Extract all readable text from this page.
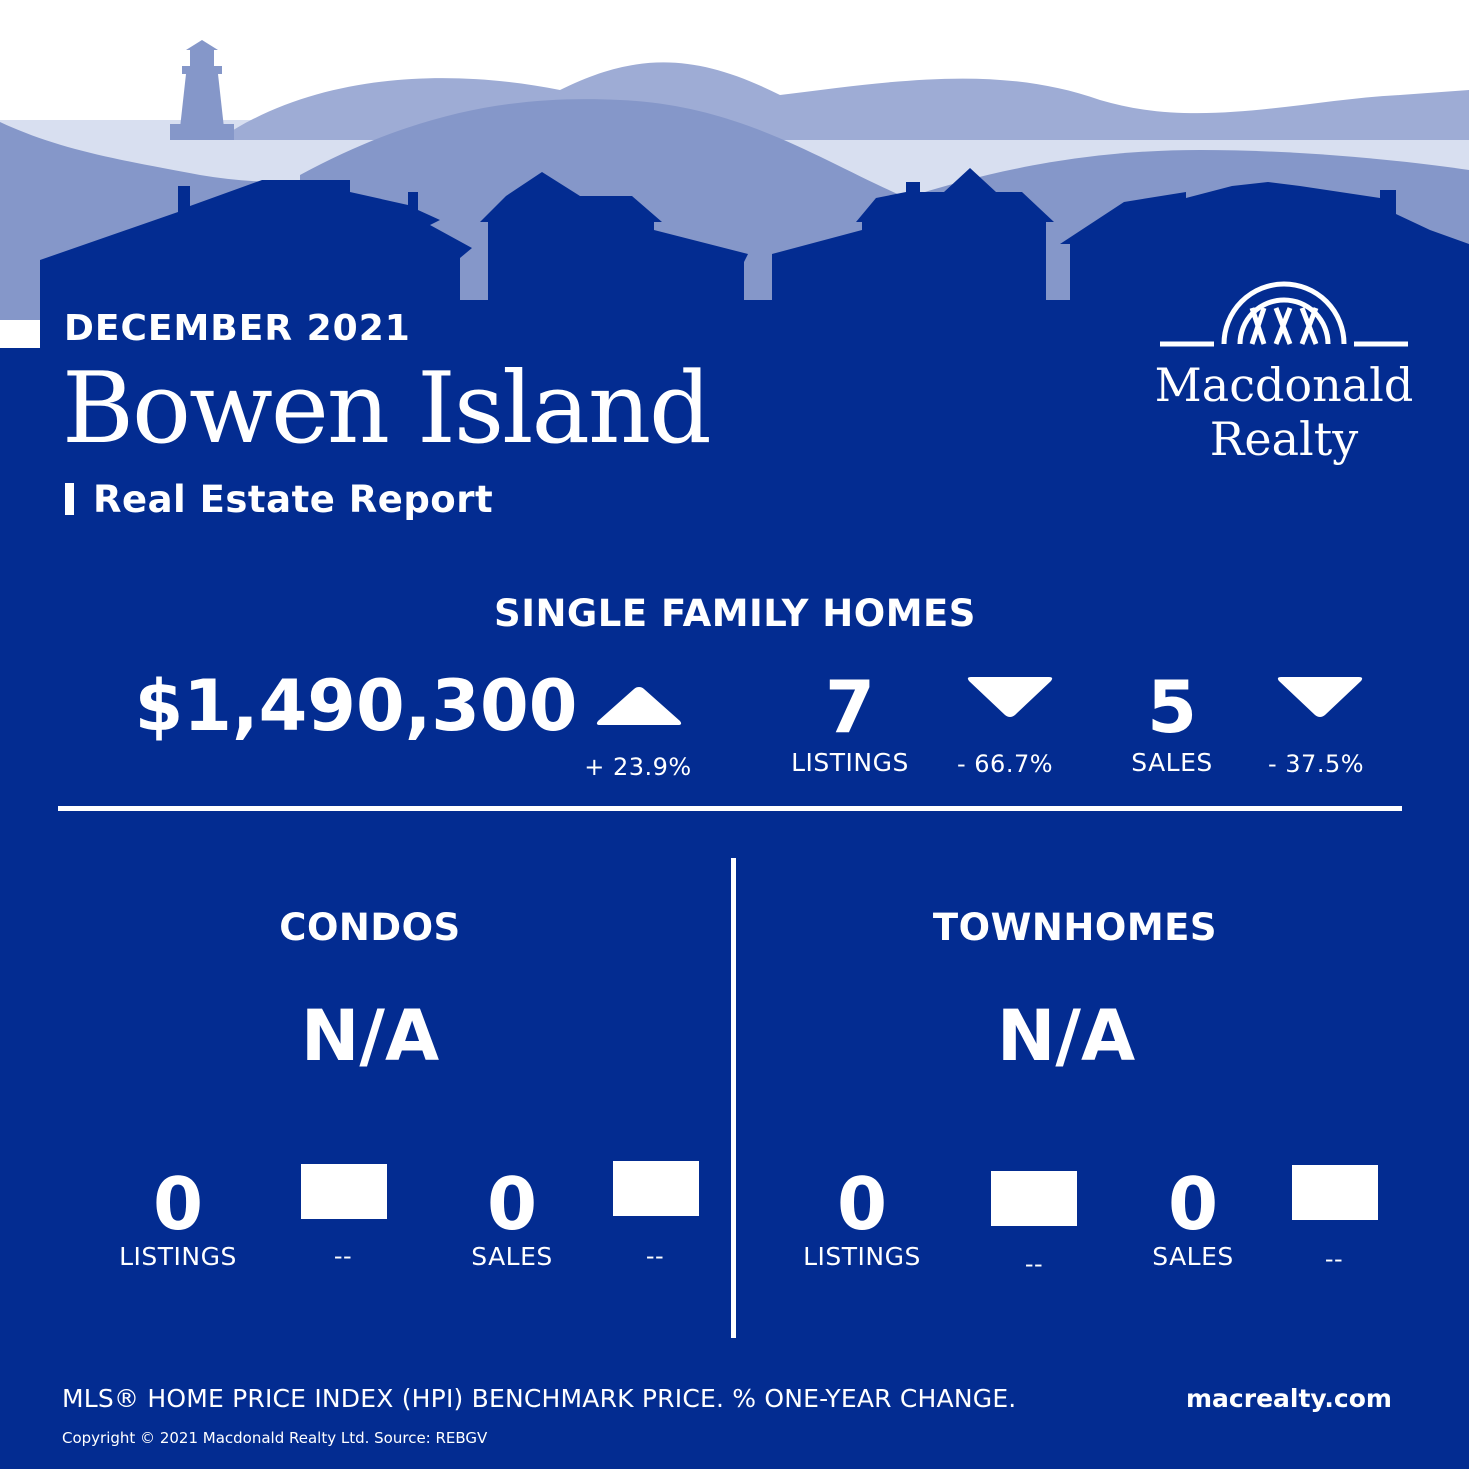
DECEMBER 2021
Bowen Island
Real Estate Report
Macdonald
Realty
SINGLE FAMILY HOMES
$1,490,300
+ 23.9%
7
LISTINGS - 66.7%
5
SALES - 37.5%
CONDOS
N/A
0
LISTINGS	--
0
SALES	--
TOWNHOMES
N/A
0
LISTINGS	--
0
SALES	--
MLS® HOME PRICE INDEX (HPI) BENCHMARK PRICE. % ONE-YEAR CHANGE.	macrealty.com
Copyright © 2021 Macdonald Realty Ltd. Source: REBGV
